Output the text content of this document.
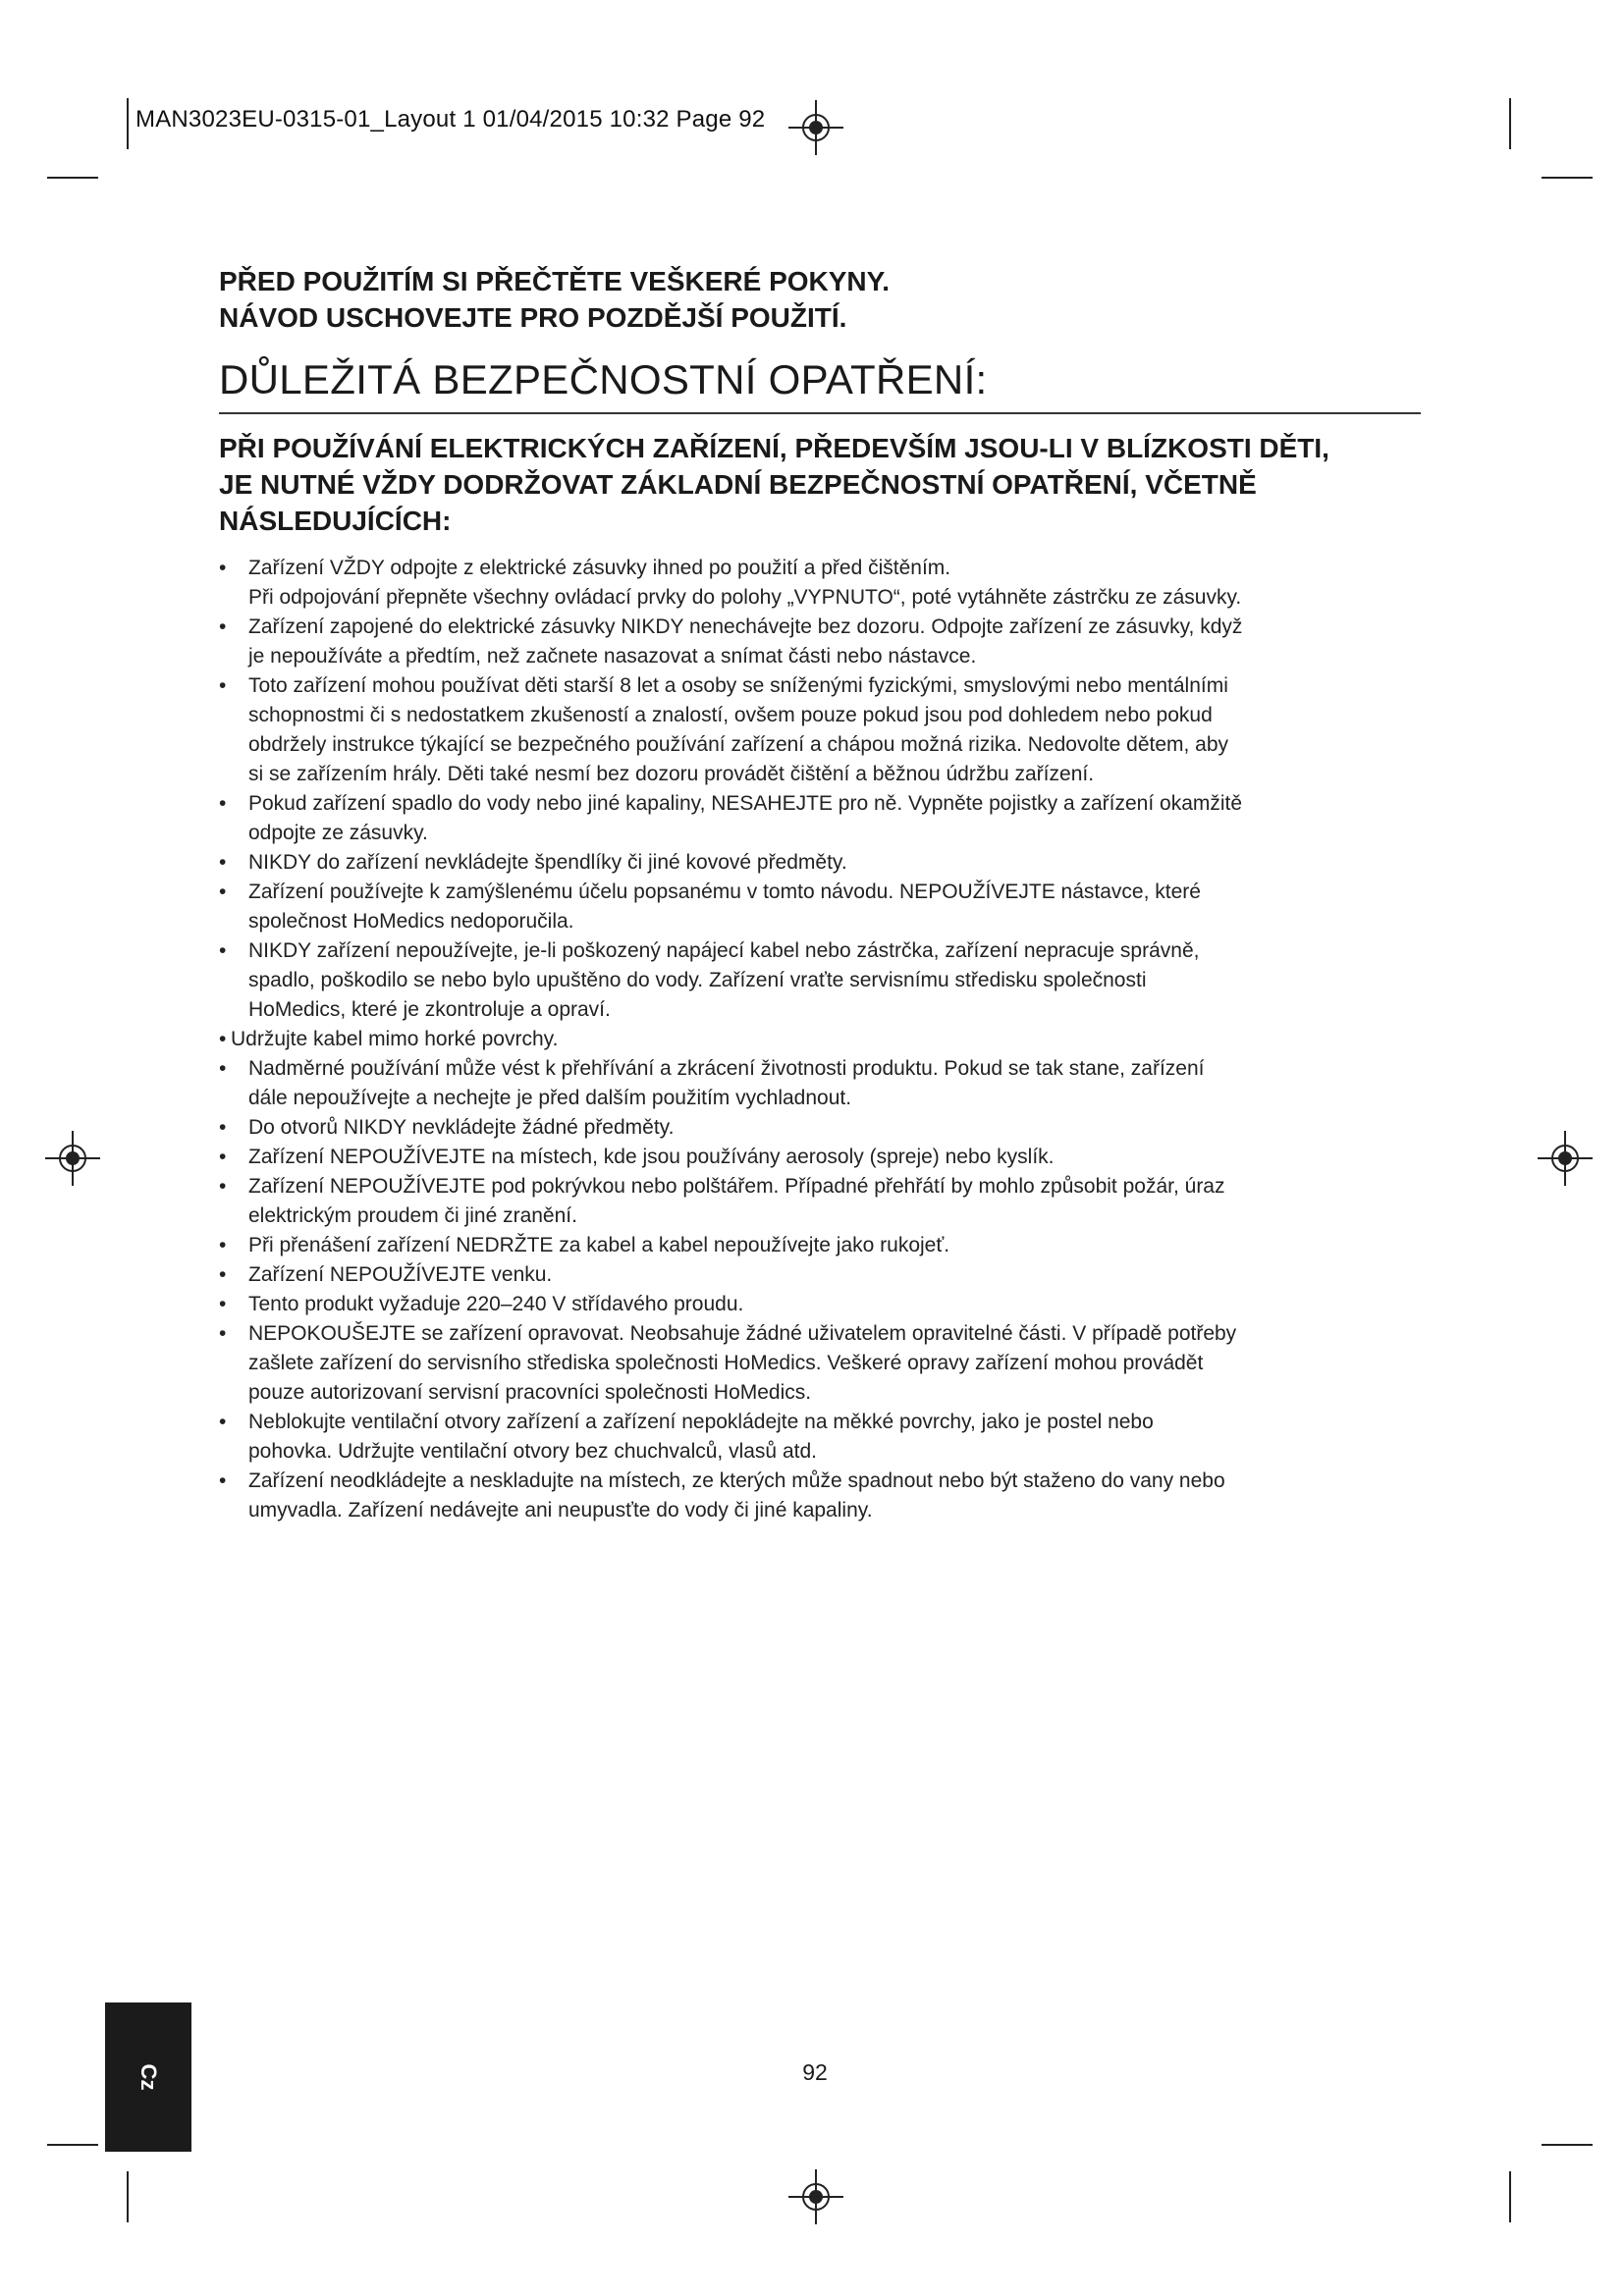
MAN3023EU-0315-01_Layout 1 01/04/2015 10:32 Page 92
PŘED POUŽITÍM SI PŘEČTĚTE VEŠKERÉ POKYNY.
NÁVOD USCHOVEJTE PRO POZDĚJŠÍ POUŽITÍ.
DŮLEŽITÁ BEZPEČNOSTNÍ OPATŘENÍ:
PŘI POUŽÍVÁNÍ ELEKTRICKÝCH ZAŘÍZENÍ, PŘEDEVŠÍM JSOU-LI V BLÍZKOSTI DĚTI,
JE NUTNÉ VŽDY DODRŽOVAT ZÁKLADNÍ BEZPEČNOSTNÍ OPATŘENÍ, VČETNĚ
NÁSLEDUJÍCÍCH:
• Zařízení VŽDY odpojte z elektrické zásuvky ihned po použití a před čištěním.
Při odpojování přepněte všechny ovládací prvky do polohy „VYPNUTO“, poté vytáhněte zástrčku ze zásuvky.
• Zařízení zapojené do elektrické zásuvky NIKDY nenechávejte bez dozoru. Odpojte zařízení ze zásuvky, když
je nepoužíváte a předtím, než začnete nasazovat a snímat části nebo nástavce.
• Toto zařízení mohou používat děti starší 8 let a osoby se sníženými fyzickými, smyslovými nebo mentálními
schopnostmi či s nedostatkem zkušeností a znalostí, ovšem pouze pokud jsou pod dohledem nebo pokud
obdržely instrukce týkající se bezpečného používání zařízení a chápou možná rizika. Nedovolte dětem, aby
si se zařízením hrály. Děti také nesmí bez dozoru provádět čištění a běžnou údržbu zařízení.
• Pokud zařízení spadlo do vody nebo jiné kapaliny, NESAHEJTE pro ně. Vypněte pojistky a zařízení okamžitě
odpojte ze zásuvky.
• NIKDY do zařízení nevkládejte špendlíky či jiné kovové předměty.
• Zařízení používejte k zamýšlenému účelu popsanému v tomto návodu. NEPOUŽÍVEJTE nástavce, které
společnost HoMedics nedoporučila.
• NIKDY zařízení nepoužívejte, je-li poškozený napájecí kabel nebo zástrčka, zařízení nepracuje správně,
spadlo, poškodilo se nebo bylo upuštěno do vody. Zařízení vraťte servisnímu středisku společnosti
HoMedics, které je zkontroluje a opraví.
• Udržujte kabel mimo horké povrchy.
• Nadměrné používání může vést k přehřívání a zkrácení životnosti produktu. Pokud se tak stane, zařízení
dále nepoužívejte a nechejte je před dalším použitím vychladnout.
• Do otvorů NIKDY nevkládejte žádné předměty.
• Zařízení NEPOUŽÍVEJTE na místech, kde jsou používány aerosoly (spreje) nebo kyslík.
• Zařízení NEPOUŽÍVEJTE pod pokrývkou nebo polštářem. Případné přehřátí by mohlo způsobit požár, úraz
elektrickým proudem či jiné zranění.
• Při přenášení zařízení NEDRŽTE za kabel a kabel nepoužívejte jako rukojeť.
• Zařízení NEPOUŽÍVEJTE venku.
• Tento produkt vyžaduje 220–240 V střídavého proudu.
• NEPOKOUŠEJTE se zařízení opravovat. Neobsahuje žádné uživatelem opravitelné části. V případě potřeby
zašlete zařízení do servisního střediska společnosti HoMedics. Veškeré opravy zařízení mohou provádět
pouze autorizovaní servisní pracovníci společnosti HoMedics.
• Neblokujte ventilační otvory zařízení a zařízení nepokládejte na měkké povrchy, jako je postel nebo
pohovka. Udržujte ventilační otvory bez chuchvalců, vlasů atd.
• Zařízení neodkládejte a neskladujte na místech, ze kterých může spadnout nebo být staženo do vany nebo
umyvadla. Zařízení nedávejte ani neupusťte do vody či jiné kapaliny.
92
Cz
